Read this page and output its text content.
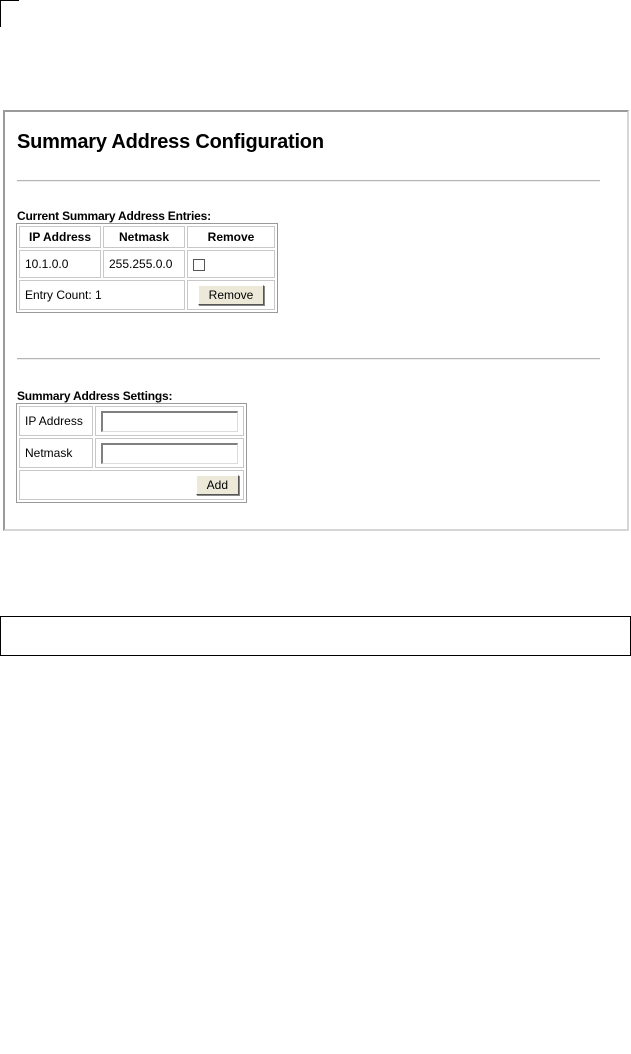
Summary Address Configuration
Current Summary Address Entries:
IP Address	Netmask	Remove
10.1.0.0	255.255.0.0	
Entry Count: 1		Remove
Summary Address Settings:
IP Address	
Netmask	
Add	
